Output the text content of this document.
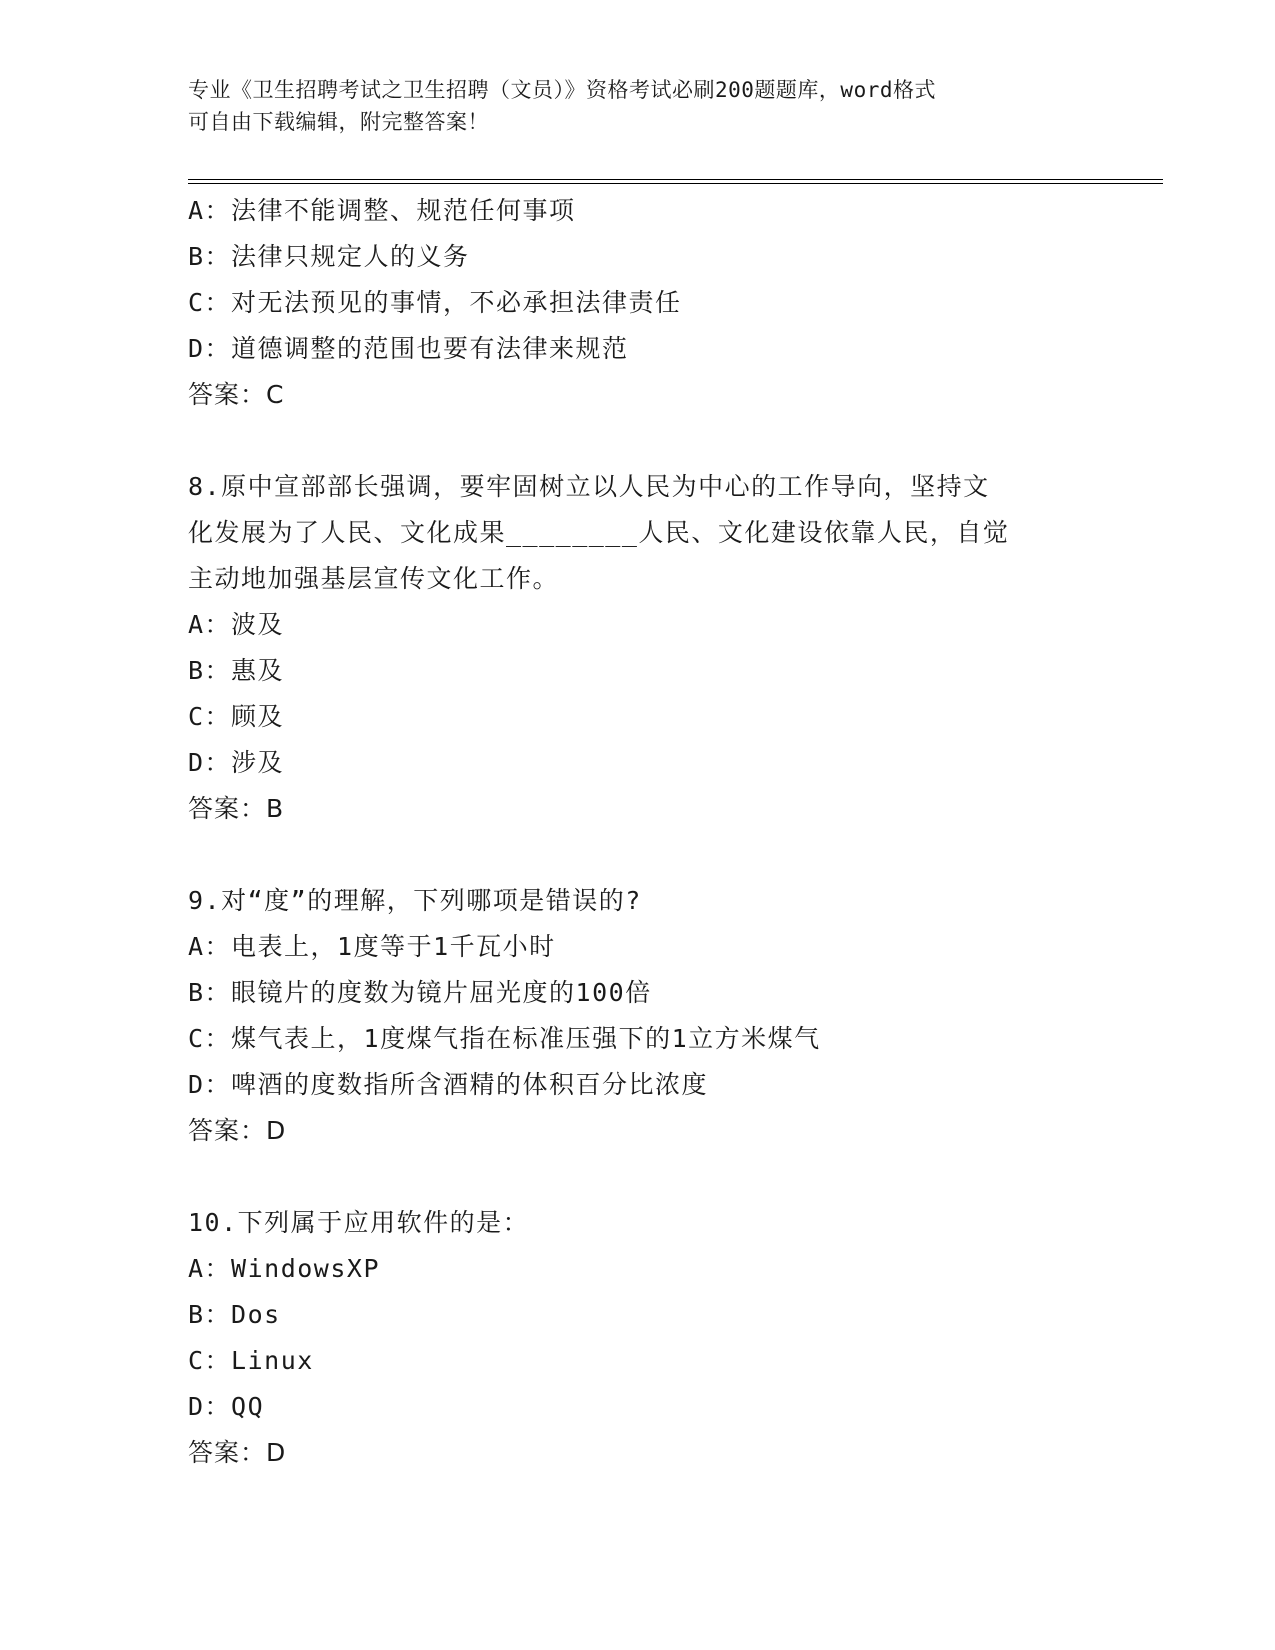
专业《卫生招聘考试之卫生招聘（文员）》资格考试必刷200题题库，word格式
可自由下载编辑，附完整答案！
A：法律不能调整、规范任何事项
B：法律只规定人的义务
C：对无法预见的事情，不必承担法律责任
D：道德调整的范围也要有法律来规范
答案：C
8.原中宣部部长强调，要牢固树立以人民为中心的工作导向，坚持文
化发展为了人民、文化成果________人民、文化建设依靠人民，自觉
主动地加强基层宣传文化工作。
A：波及
B：惠及
C：顾及
D：涉及
答案：B
9.对“度”的理解，下列哪项是错误的?
A：电表上，1度等于1千瓦小时
B：眼镜片的度数为镜片屈光度的100倍
C：煤气表上，1度煤气指在标准压强下的1立方米煤气
D：啤酒的度数指所含酒精的体积百分比浓度
答案：D
10.下列属于应用软件的是：
A：WindowsXP
B：Dos
C：Linux
D：QQ
答案：D
